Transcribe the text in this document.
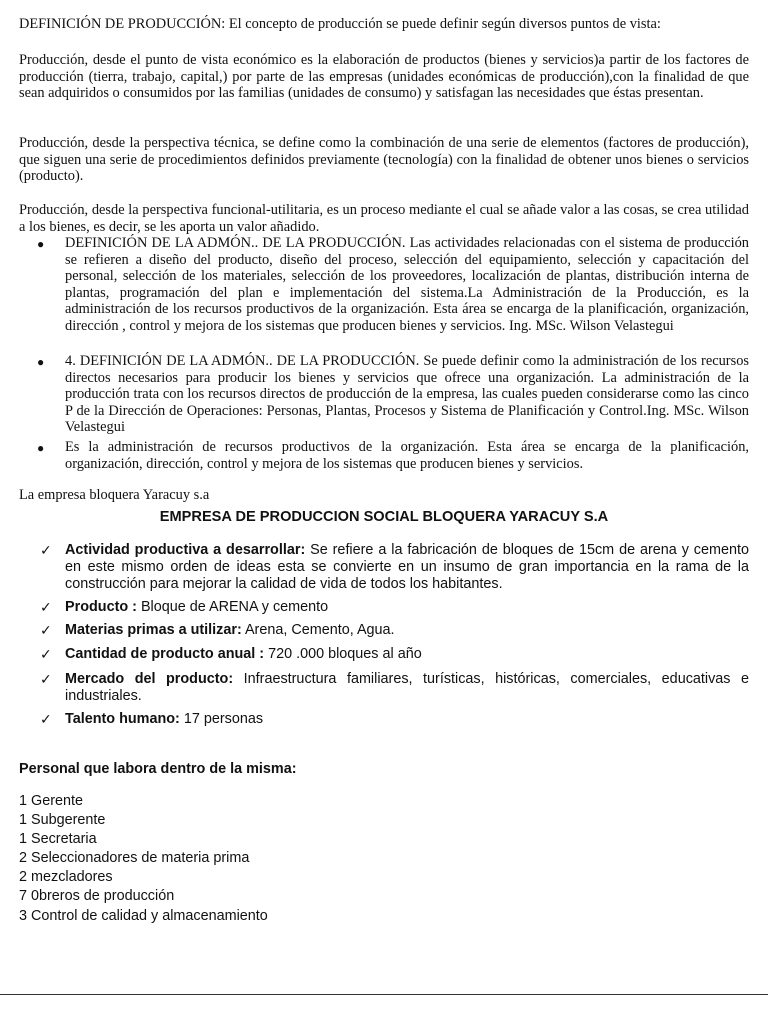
DEFINICIÓN DE PRODUCCIÓN: El concepto de producción se puede definir según diversos puntos de vista:

Producción, desde el punto de vista económico es la elaboración de productos (bienes y servicios)a partir de los factores de producción (tierra, trabajo, capital,) por parte de las empresas (unidades económicas de producción),con la finalidad de que sean adquiridos o consumidos por las familias (unidades de consumo) y satisfagan las necesidades que éstas presentan.

Producción, desde la perspectiva técnica, se define como la combinación de una serie de elementos (factores de producción), que siguen una serie de procedimientos definidos previamente (tecnología) con la finalidad de obtener unos bienes o servicios (producto).

Producción, desde la perspectiva funcional-utilitaria, es un proceso mediante el cual se añade valor a las cosas, se crea utilidad a los bienes, es decir, se les aporta un valor añadido.

● DEFINICIÓN DE LA ADMÓN.. DE LA PRODUCCIÓN. Las actividades relacionadas con el sistema de producción se refieren a diseño del producto, diseño del proceso, selección del equipamiento, selección y capacitación del personal, selección de los materiales, selección de los proveedores, localización de plantas, distribución interna de plantas, programación del plan e implementación del sistema.La Administración de la Producción, es la administración de los recursos productivos de la organización. Esta área se encarga de la planificación, organización, dirección , control y mejora de los sistemas que producen bienes y servicios. Ing. MSc. Wilson Velastegui
● 4. DEFINICIÓN DE LA ADMÓN.. DE LA PRODUCCIÓN. Se puede definir como la administración de los recursos directos necesarios para producir los bienes y servicios que ofrece una organización. La administración de la producción trata con los recursos directos de producción de la empresa, las cuales pueden considerarse como las cinco P de la Dirección de Operaciones: Personas, Plantas, Procesos y Sistema de Planificación y Control.Ing. MSc. Wilson Velastegui
● Es la administración de recursos productivos de la organización. Esta área se encarga de la planificación, organización, dirección, control y mejora de los sistemas que producen bienes y servicios.

La empresa bloquera Yaracuy s.a

EMPRESA DE PRODUCCION SOCIAL BLOQUERA YARACUY S.A
✓ Actividad productiva a desarrollar: Se refiere a la fabricación de bloques de 15cm de arena y cemento en este mismo orden de ideas esta se convierte en un insumo de gran importancia en la rama de la construcción para mejorar la calidad de vida de todos los habitantes.
✓ Producto : Bloque de ARENA y cemento
✓ Materias primas a utilizar: Arena, Cemento, Agua.
✓ Cantidad de producto anual : 720 .000 bloques al año
✓ Mercado del producto: Infraestructura familiares, turísticas, históricas, comerciales, educativas e industriales.
✓ Talento humano: 17 personas
Personal que labora dentro de la misma:
1 Gerente
1 Subgerente
1 Secretaria
2 Seleccionadores de materia prima
2 mezcladores
7 0breros de producción
3 Control de calidad y almacenamiento
